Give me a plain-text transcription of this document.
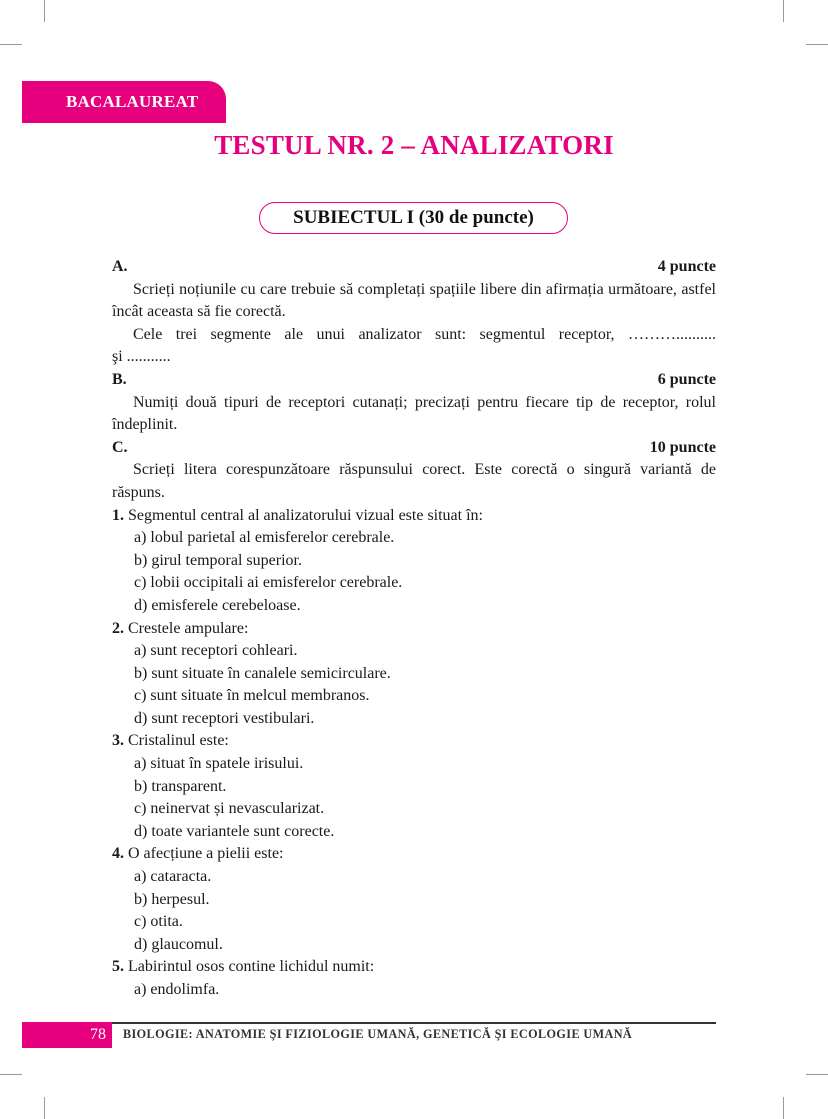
BACALAUREAT
TESTUL NR. 2 – ANALIZATORI
SUBIECTUL I (30 de puncte)
A.	4 puncte

Scrieți noțiunile cu care trebuie să completați spațiile libere din afirmația următoare, astfel încât aceasta să fie corectă.

Cele trei segmente ale unui analizator sunt: segmentul receptor, ………..........

şi ...........

B.	6 puncte

Numiți două tipuri de receptori cutanați; precizați pentru fiecare tip de receptor, rolul îndeplinit.

C.	10 puncte

Scrieți litera corespunzătoare răspunsului corect. Este corectă o singură variantă de răspuns.

1. Segmentul central al analizatorului vizual este situat în:

a) lobul parietal al emisferelor cerebrale.

b) girul temporal superior.

c) lobii occipitali ai emisferelor cerebrale.

d) emisferele cerebeloase.

2. Crestele ampulare:

a) sunt receptori cohleari.

b) sunt situate în canalele semicirculare.

c) sunt situate în melcul membranos.

d) sunt receptori vestibulari.

3. Cristalinul este:

a) situat în spatele irisului.

b) transparent.

c) neinervat și nevascularizat.

d) toate variantele sunt corecte.

4. O afecțiune a pielii este:

a) cataracta.

b) herpesul.

c) otita.

d) glaucomul.

5. Labirintul osos contine lichidul numit:

a) endolimfa.

78	BIOLOGIE: ANATOMIE ŞI FIZIOLOGIE UMANĂ, GENETICĂ ŞI ECOLOGIE UMANĂ
